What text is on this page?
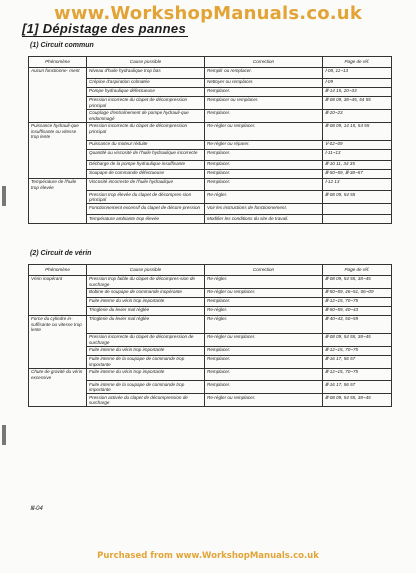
www.WorkshopManuals.co.uk
[1] Dépistage des pannes
(1) Circuit commun
Phénomène	Cause possible	Correction	Page de réf.
Aucun fonctionne- ment	Niveau d'huile hydraulique trop bas	Remplir ou remplacer.	Ⅰ-08, 11~13
	Crépine d'aspiration colmatée	Nettoyer ou remplacer.	Ⅰ-09
	Pompe hydraulique défectueuse	Remplacer.	Ⅲ-14 15, 20~33
	Pression incorrecte du clapet de décompression principal	Remplacer ou remplacer.	Ⅲ-08 09, 38~45, 54 55
	Couplage d'entraînement de pompe hydrauli-que endommagé	Remplacer.	Ⅲ-20~23
Puissance hydrauli-que insuffisante ou vitesse trop lente	Pression incorrecte du clapet de décompression principal	Re-régler ou remplacer.	Ⅲ-08 09, 14 15, 54 55
	Puissance du moteur réduite	Re-régler ou réparer.	Ⅴ-02~09
	Quantité ou viscosité de l'huile hydraulique incorrecte	Remplacer.	Ⅰ-11~13
	Décharge de la pompe hydraulique insuffisante	Remplacer.	Ⅲ-10 11, 34 35
	Soupape de commande défectueuse	Remplacer.	Ⅲ-50~59, Ⅲ-38~57
Température de l'huile trop élevée	Viscosité incorrecte de l'huile hydraulique	Remplacer.	Ⅰ-12 13
	Pression trop élevée du clapet de décompres-sion principal	Re-régler.	Ⅲ-08 09, 54 55
	Fonctionnement excessif du clapet de décom-pression	Voir les instructions de fonctionnement.	
	Température ambiante trop élevée	Modifier les conditions du site de travail.	
(2) Circuit de vérin
Phénomène	Cause possible	Correction	Page de réf.
Vérin inopérant	Pression trop faible du clapet de décompres-sion de surcharge	Re-régler.	Ⅲ-08 09, 54 55, 38~45
	Bobine de soupape de commande inopérante	Re-régler ou remplacer.	Ⅲ-50~59, 46~51, 06~09
	Fuite interne du vérin trop importante	Remplacer.	Ⅲ-12~15, 70~75
	Tringlerie du levier mal réglée	Re-régler.	Ⅲ-50~59, 40~43
Force du cylindre in-suffisante ou vitesse trop lente	Tringlerie du levier mal réglée	Re-régler.	Ⅲ-40~43, 50~59
	Pression incorrecte du clapet de décompression de surcharge	Re-régler ou remplacer.	Ⅲ-08 09, 54 55, 38~45
	Fuite interne du vérin trop importante	Remplacer.	Ⅲ-12~15, 70~75
	Fuite interne de la soupape de commande trop importante	Remplacer.	Ⅲ-16 17, 56 57
Chute de gravité du vérin excessive	Fuite interne du vérin trop importante	Remplacer.	Ⅲ-12~15, 70~75
	Fuite interne de la soupape de commande trop importante	Remplacer.	Ⅲ-16 17, 56 57
	Pression activée du clapet de décompression de surcharge	Re-régler ou remplacer.	Ⅲ-08 09, 54 55, 38~45
Ⅲ-04
Purchased from www.WorkshopManuals.co.uk
